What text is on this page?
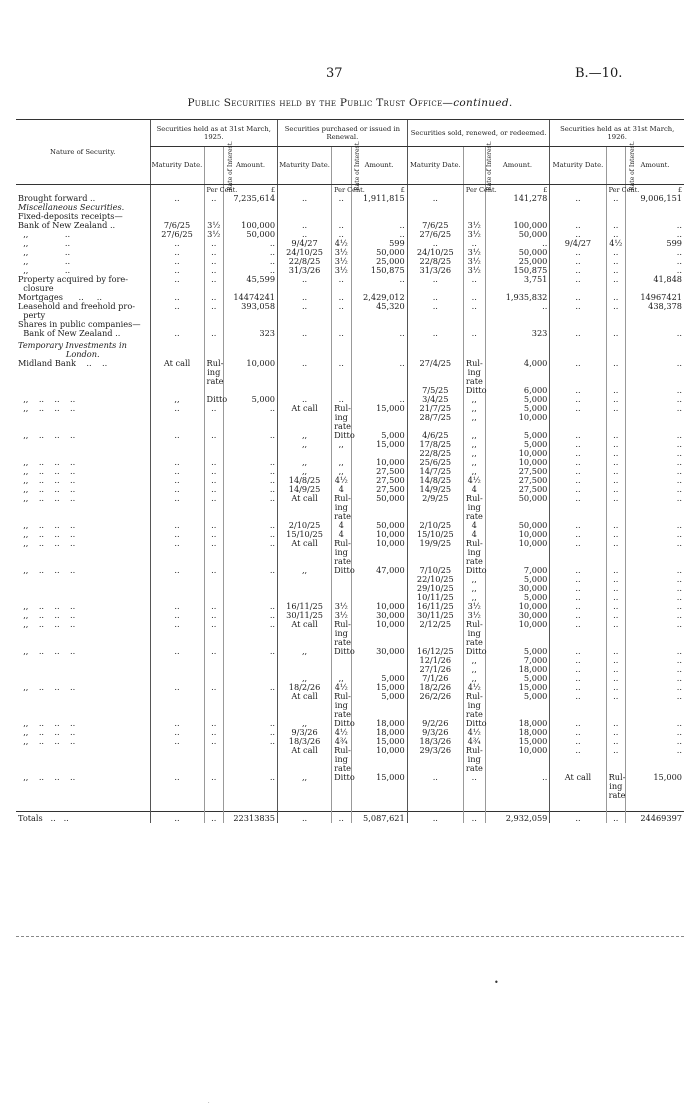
37	B.—10.
Public Securities held by the Public Trust Office—continued.
Nature of Security.	Securities held as at 31st March, 1925.			Securities purchased or issued in Renewal.			Securities sold, renewed, or redeemed.			Securities held as at 31st March, 1926.		
	Maturity Date.	Rate of Interest.	Amount.	Maturity Date.	Rate of Interest.	Amount.	Maturity Date.	Rate of Interest.	Amount.	Maturity Date.	Rate of Interest.	Amount.
		Per Cent.	£		Per Cent.	£		Per Cent.	£		Per Cent.	£
Brought forward ..	..	..	7,235,614	..	..	1,911,815	..		141,278	..	..	9,006,151
Miscellaneous Securities.												
Fixed-deposits receipts—												
Bank of New Zealand ..	7/6/25	3½	100,000	..	..	..	7/6/25	3½	100,000	..	..	..
,,              ..	27/6/25	3½	50,000	..	..	..	27/6/25	3½	50,000	..	..	..
,,              ..	..	..	..	9/4/27	4½	599	..	..	..	9/4/27	4½	599
,,              ..	..	..	..	24/10/25	3½	50,000	24/10/25	3½	50,000	..	..	..
,,              ..	..	..	..	22/8/25	3½	25,000	22/8/25	3½	25,000	..	..	..
,,              ..	..	..	..	31/3/26	3½	150,875	31/3/26	3½	150,875	..	..	..
Property acquired by fore-	..	..	45,599	..	..	..	..	..	3,751	..	..	41,848
closure												
Mortgages      ..     ..	..	..	14474241	..	..	2,429,012	..	..	1,935,832	..	..	14967421
Leasehold and freehold pro-	..	..	393,058	..	..	45,320	..	..	..	..	..	438,378
perty												
Shares in public companies—												
Bank of New Zealand ..	..	..	323	..	..	..	..	..	323	..	..	..

Temporary Investments in												
London.												
Midland Bank    ..    ..	At call	Rul-	10,000	..	..	..	27/4/25	Rul-	4,000	..	..	..
		ing						ing				
		rate						rate				
							7/5/25	Ditto	6,000	..	..	..
,,    ..    ..    ..	,,	Ditto	5,000	..	..	..	3/4/25	,,	5,000	..	..	..
,,    ..    ..    ..	..	..	..	At call	Rul-	15,000	21/7/25	,,	5,000	..	..	..
					ing		28/7/25	,,	10,000			
					rate							
,,    ..    ..    ..	..	..	..	,,	Ditto	5,000	4/6/25	,,	5,000	..	..	..
				,,	,,	15,000	17/8/25	,,	5,000	..	..	..
							22/8/25	,,	10,000	..	..	..
,,    ..    ..    ..	..	..	..	,,	,,	10,000	25/6/25	,,	10,000	..	..	..
,,    ..    ..    ..	..	..	..	,,	,,	27,500	14/7/25	,,	27,500	..	..	..
,,    ..    ..    ..	..	..	..	14/8/25	4½	27,500	14/8/25	4½	27,500	..	..	..
,,    ..    ..    ..	..	..	..	14/9/25	4	27,500	14/9/25	4	27,500	..	..	..
,,    ..    ..    ..	..	..	..	At call	Rul-	50,000	2/9/25	Rul-	50,000	..	..	..
					ing			ing				
					rate			rate				
,,    ..    ..    ..	..	..	..	2/10/25	4	50,000	2/10/25	4	50,000	..	..	..
,,    ..    ..    ..	..	..	..	15/10/25	4	10,000	15/10/25	4	10,000	..	..	..
,,    ..    ..    ..	..	..	..	At call	Rul-	10,000	19/9/25	Rul-	10,000	..	..	..
					ing			ing				
					rate			rate				
,,    ..    ..    ..	..	..	..	,,	Ditto	47,000	7/10/25	Ditto	7,000	..	..	..
							22/10/25	,,	5,000	..	..	..
							29/10/25	,,	30,000	..	..	..
							10/11/25	,,	5,000	..	..	..
,,    ..    ..    ..	..	..	..	16/11/25	3½	10,000	16/11/25	3½	10,000	..	..	..
,,    ..    ..    ..	..	..	..	30/11/25	3½	30,000	30/11/25	3½	30,000	..	..	..
,,    ..    ..    ..	..	..	..	At call	Rul-	10,000	2/12/25	Rul-	10,000	..	..	..
					ing			ing				
					rate			rate				
,,    ..    ..    ..	..	..	..	,,	Ditto	30,000	16/12/25	Ditto	5,000	..	..	..
							12/1/26	,,	7,000	..	..	..
							27/1/26	,,	18,000	..	..	..
				,,	,,	5,000	7/1/26	,,	5,000	..	..	..
,,    ..    ..    ..	..	..	..	18/2/26	4½	15,000	18/2/26	4½	15,000	..	..	..
				At call	Rul-	5,000	26/2/26	Rul-	5,000	..	..	..
					ing			ing				
					rate			rate				
,,    ..    ..    ..	..	..	..	,,	Ditto	18,000	9/2/26	Ditto	18,000	..	..	..
,,    ..    ..    ..	..	..	..	9/3/26	4½	18,000	9/3/26	4½	18,000	..	..	..
,,    ..    ..    ..	..	..	..	18/3/26	4¾	15,000	18/3/26	4¾	15,000	..	..	..
				At call	Rul-	10,000	29/3/26	Rul-	10,000	..	..	..
					ing			ing				
					rate			rate				
,,    ..    ..    ..	..	..	..	,,	Ditto	15,000	..	..	..	At call	Rul-	15,000
											ing	
											rate	

Totals   ..   ..	..	..	22313835	..	..	5,087,621	..	..	2,932,059	..	..	24469397
•
·
